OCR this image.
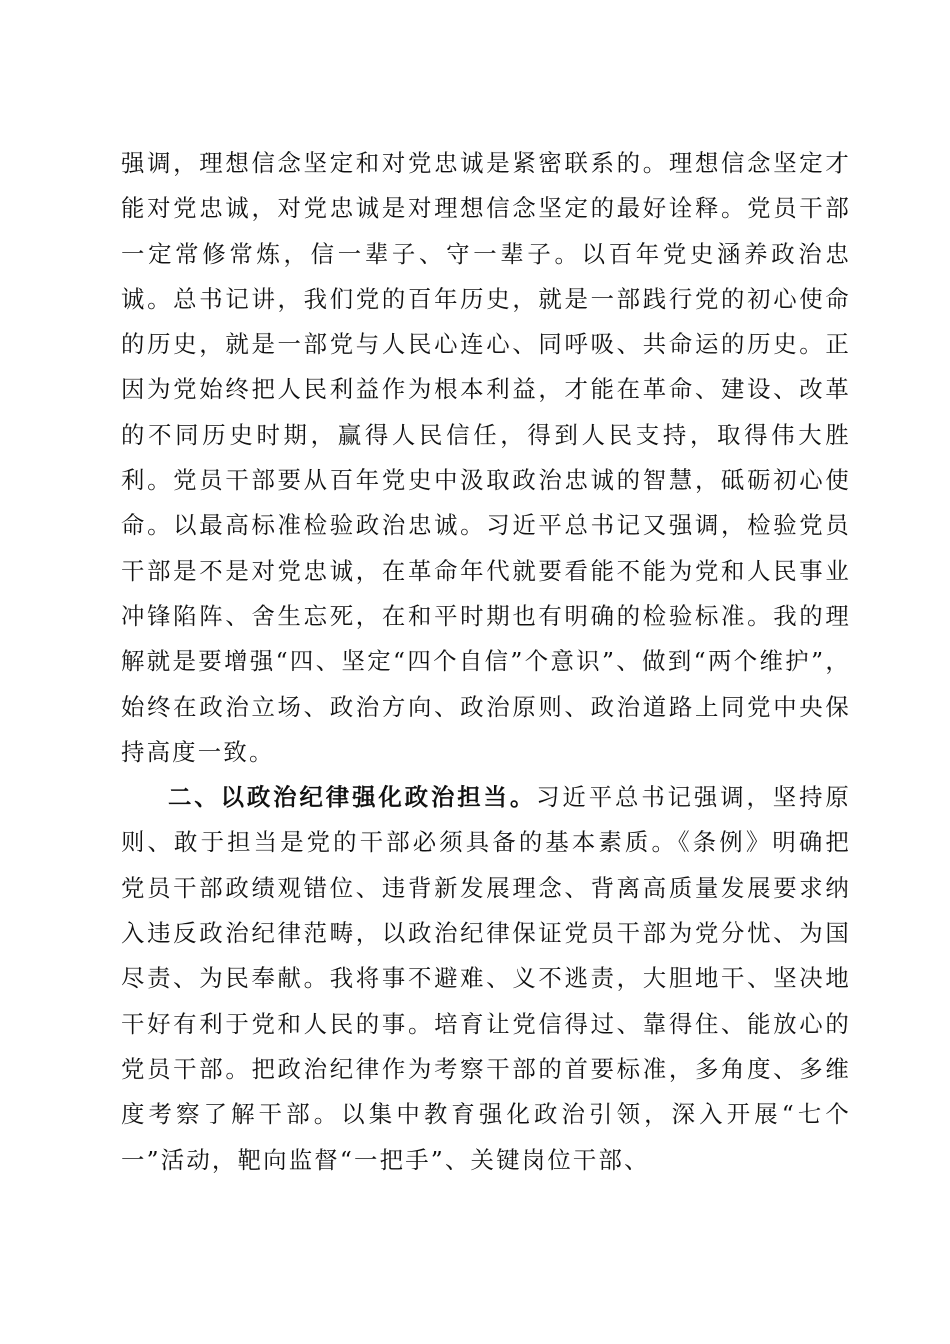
强调，理想信念坚定和对党忠诚是紧密联系的。理想信念坚定才能对党忠诚，对党忠诚是对理想信念坚定的最好诠释。党员干部一定常修常炼，信一辈子、守一辈子。以百年党史涵养政治忠诚。总书记讲，我们党的百年历史，就是一部践行党的初心使命的历史，就是一部党与人民心连心、同呼吸、共命运的历史。正因为党始终把人民利益作为根本利益，才能在革命、建设、改革的不同历史时期，赢得人民信任，得到人民支持，取得伟大胜利。党员干部要从百年党史中汲取政治忠诚的智慧，砥砺初心使命。以最高标准检验政治忠诚。习近平总书记又强调，检验党员干部是不是对党忠诚，在革命年代就要看能不能为党和人民事业冲锋陷阵、舍生忘死，在和平时期也有明确的检验标准。我的理解就是要增强“四、坚定“四个自信”个意识”、做到“两个维护”，始终在政治立场、政治方向、政治原则、政治道路上同党中央保持高度一致。

二、以政治纪律强化政治担当。习近平总书记强调，坚持原则、敢于担当是党的干部必须具备的基本素质。《条例》明确把党员干部政绩观错位、违背新发展理念、背离高质量发展要求纳入违反政治纪律范畴，以政治纪律保证党员干部为党分忧、为国尽责、为民奉献。我将事不避难、义不逃责，大胆地干、坚决地干好有利于党和人民的事。培育让党信得过、靠得住、能放心的党员干部。把政治纪律作为考察干部的首要标准，多角度、多维度考察了解干部。以集中教育强化政治引领，深入开展“七个一”活动，靶向监督“一把手”、关键岗位干部、
